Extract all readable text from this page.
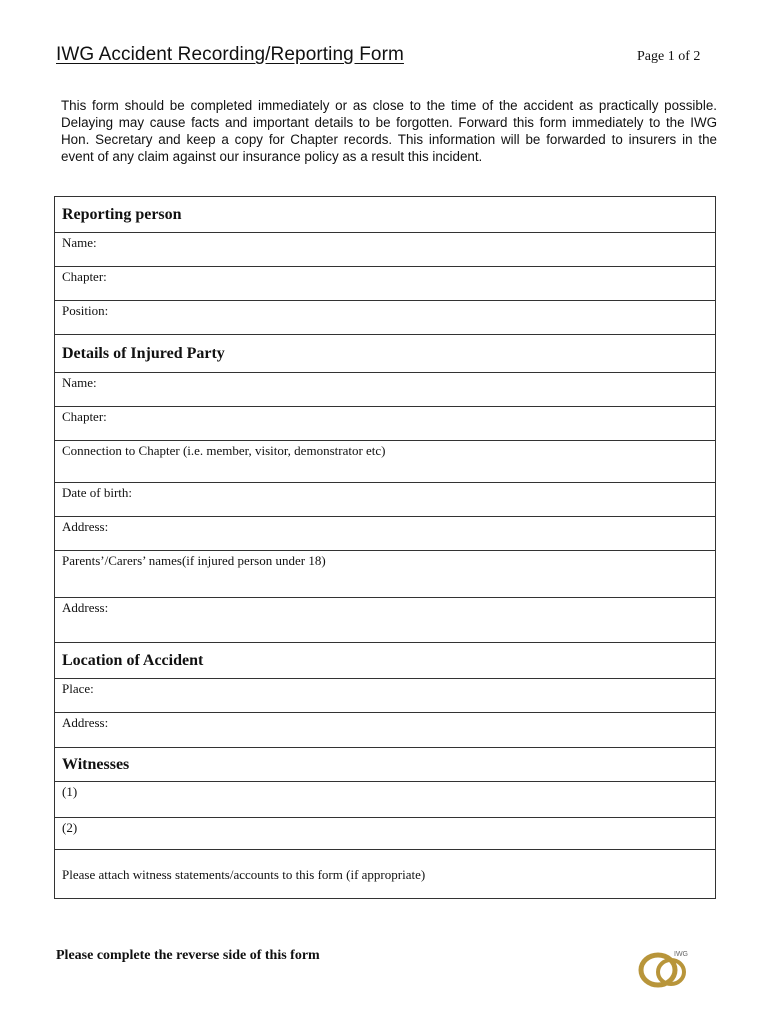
IWG Accident Recording/Reporting Form	Page 1 of 2
This form should be completed immediately or as close to the time of the accident as practically possible. Delaying may cause facts and important details to be forgotten. Forward this form immediately to the IWG Hon. Secretary and keep a copy for Chapter records. This information will be forwarded to insurers in the event of any claim against our insurance policy as a result this incident.
Reporting person
Name:
Chapter:
Position:
Details of Injured Party
Name:
Chapter:
Connection to Chapter (i.e. member, visitor, demonstrator etc)
Date of birth:
Address:
Parents’/Carers’ names(if injured person under 18)
Address:
Location of Accident
Place:
Address:
Witnesses
(1)
(2)
Please attach witness statements/accounts to this form (if appropriate)
Please complete the reverse side of this form	IWG
